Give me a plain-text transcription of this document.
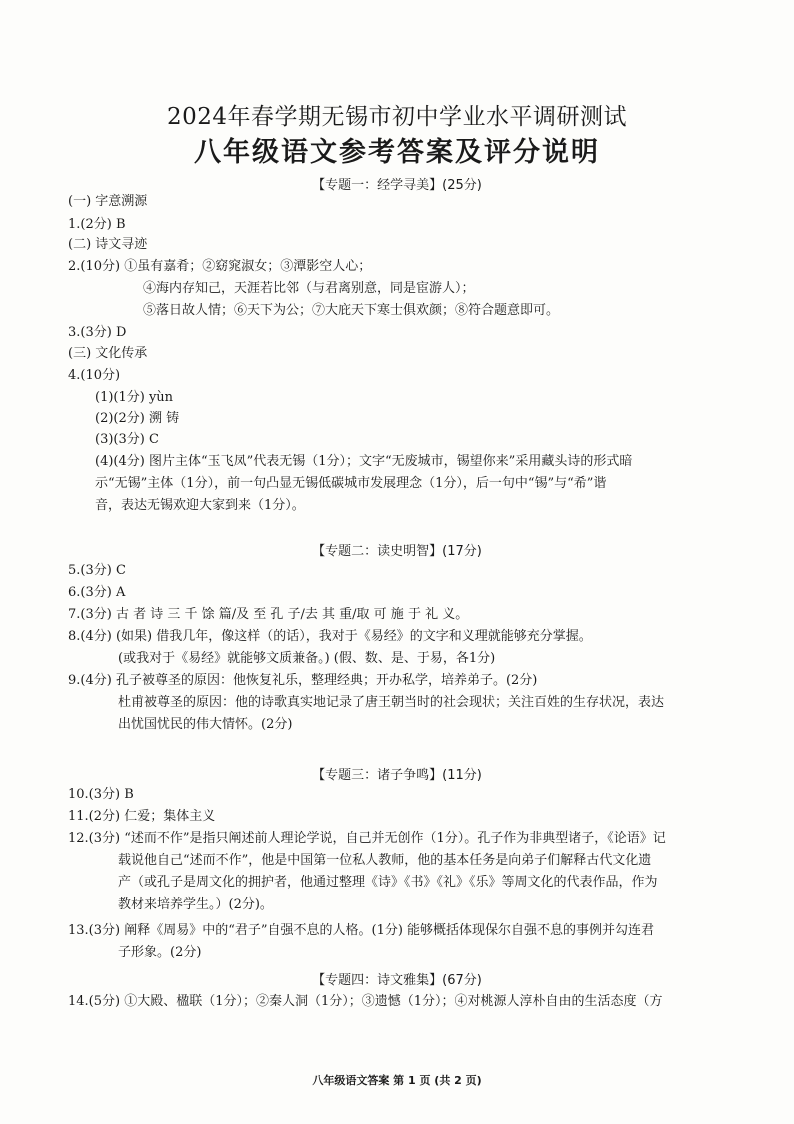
2024年春学期无锡市初中学业水平调研测试
八年级语文参考答案及评分说明
【专题一：经学寻美】(25分)
(一) 字意溯源
1.(2分) B
(二) 诗文寻迹
2.(10分) ①虽有嘉肴；②窈窕淑女；③潭影空人心；
④海内存知己，天涯若比邻（与君离别意，同是宦游人）；
⑤落日故人情；⑥天下为公；⑦大庇天下寒士俱欢颜；⑧符合题意即可。
3.(3分) D
(三) 文化传承
4.(10分)
(1)(1分) yùn
(2)(2分) 溯 铸
(3)(3分) C
(4)(4分) 图片主体“玉飞凤”代表无锡（1分）；文字“无废城市，锡望你来”采用藏头诗的形式暗
示“无锡”主体（1分），前一句凸显无锡低碳城市发展理念（1分），后一句中“锡”与“希”谐
音，表达无锡欢迎大家到来（1分）。
【专题二：读史明智】(17分)
5.(3分) C
6.(3分) A
7.(3分) 古 者 诗 三 千 馀 篇/及 至 孔 子/去 其 重/取 可 施 于 礼 义。
8.(4分) (如果) 借我几年，像这样（的话），我对于《易经》的文字和义理就能够充分掌握。
(或我对于《易经》就能够文质兼备。) (假、数、是、于易，各1分)
9.(4分) 孔子被尊圣的原因：他恢复礼乐，整理经典；开办私学，培养弟子。(2分)
杜甫被尊圣的原因：他的诗歌真实地记录了唐王朝当时的社会现状；关注百姓的生存状况，表达
出忧国忧民的伟大情怀。(2分)
【专题三：诸子争鸣】(11分)
10.(3分) B
11.(2分) 仁爱；集体主义
12.(3分) “述而不作”是指只阐述前人理论学说，自己并无创作（1分）。孔子作为非典型诸子，《论语》记
载说他自己“述而不作”，他是中国第一位私人教师，他的基本任务是向弟子们解释古代文化遗
产（或孔子是周文化的拥护者，他通过整理《诗》《书》《礼》《乐》等周文化的代表作品，作为
教材来培养学生。）(2分)。
13.(3分) 阐释《周易》中的“君子”自强不息的人格。(1分) 能够概括体现保尔自强不息的事例并勾连君
子形象。(2分)
【专题四：诗文雅集】(67分)
14.(5分) ①大殿、楹联（1分）；②秦人洞（1分）；③遗憾（1分）；④对桃源人淳朴自由的生活态度（方
八年级语文答案 第 1 页 (共 2 页)
